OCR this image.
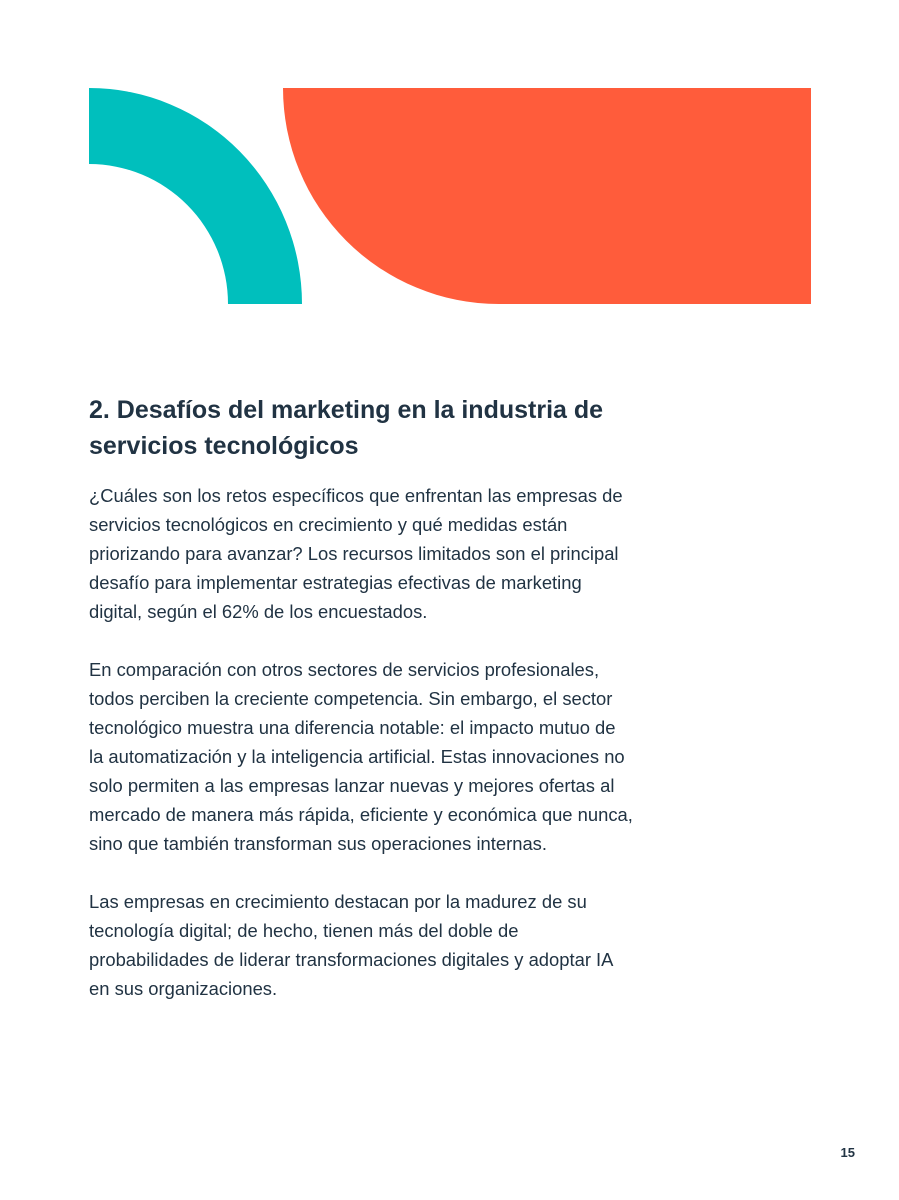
2. Desafíos del marketing en la industria de servicios tecnológicos

¿Cuáles son los retos específicos que enfrentan las empresas de servicios tecnológicos en crecimiento y qué medidas están priorizando para avanzar? Los recursos limitados son el principal desafío para implementar estrategias efectivas de marketing digital, según el 62% de los encuestados.

En comparación con otros sectores de servicios profesionales, todos perciben la creciente competencia. Sin embargo, el sector tecnológico muestra una diferencia notable: el impacto mutuo de la automatización y la inteligencia artificial. Estas innovaciones no solo permiten a las empresas lanzar nuevas y mejores ofertas al mercado de manera más rápida, eficiente y económica que nunca, sino que también transforman sus operaciones internas.

Las empresas en crecimiento destacan por la madurez de su tecnología digital; de hecho, tienen más del doble de probabilidades de liderar transformaciones digitales y adoptar IA en sus organizaciones.

15
